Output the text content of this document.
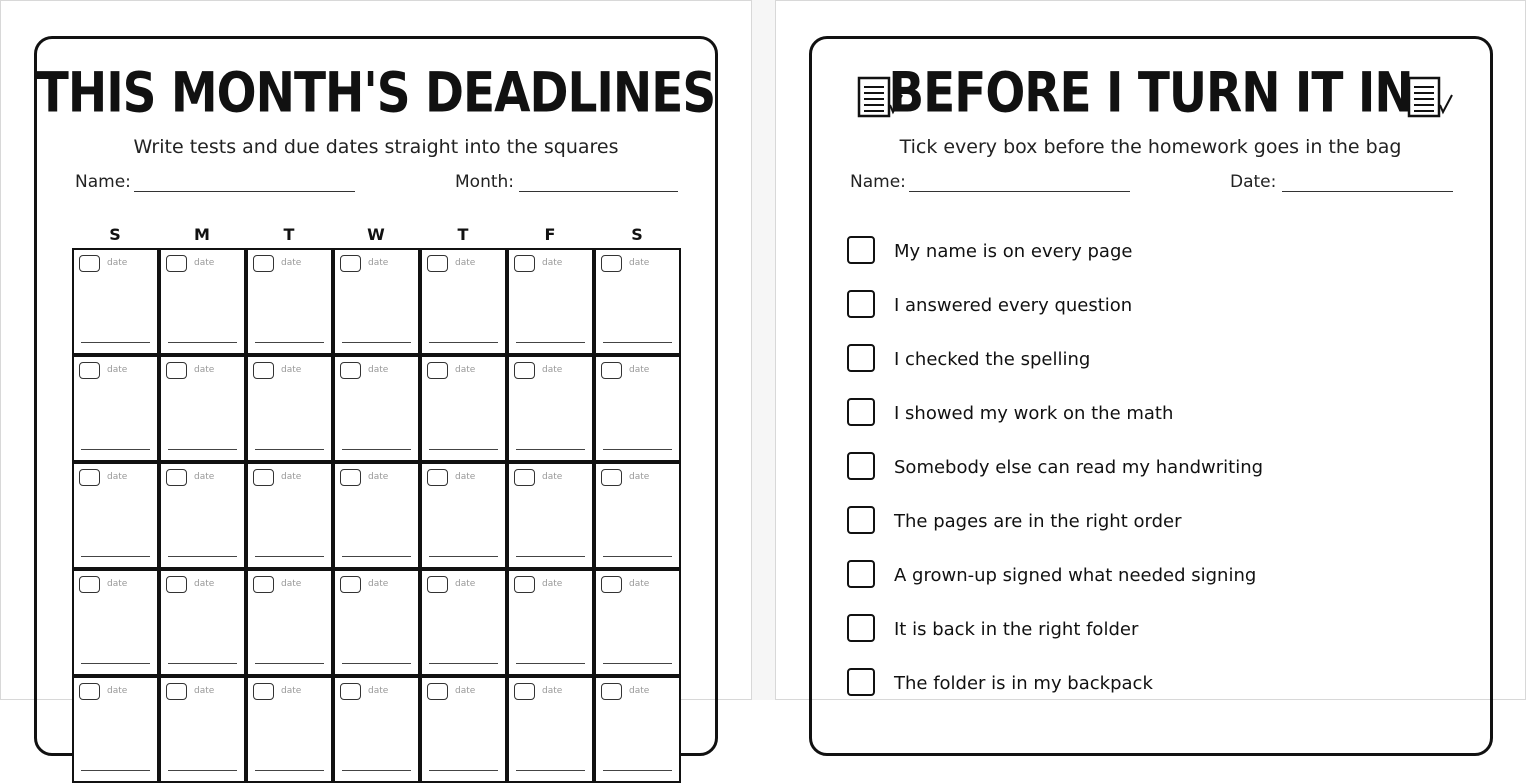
THIS MONTH'S DEADLINES
Write tests and due dates straight into the squares
Name:	Month:
S	M	T	W	T	F	S
date	date	date	date	date	date	date
date	date	date	date	date	date	date
date	date	date	date	date	date	date
date	date	date	date	date	date	date
date	date	date	date	date	date	date
BEFORE I TURN IT IN
Tick every box before the homework goes in the bag
Name:	Date:
My name is on every page
I answered every question
I checked the spelling
I showed my work on the math
Somebody else can read my handwriting
The pages are in the right order
A grown-up signed what needed signing
It is back in the right folder
The folder is in my backpack
